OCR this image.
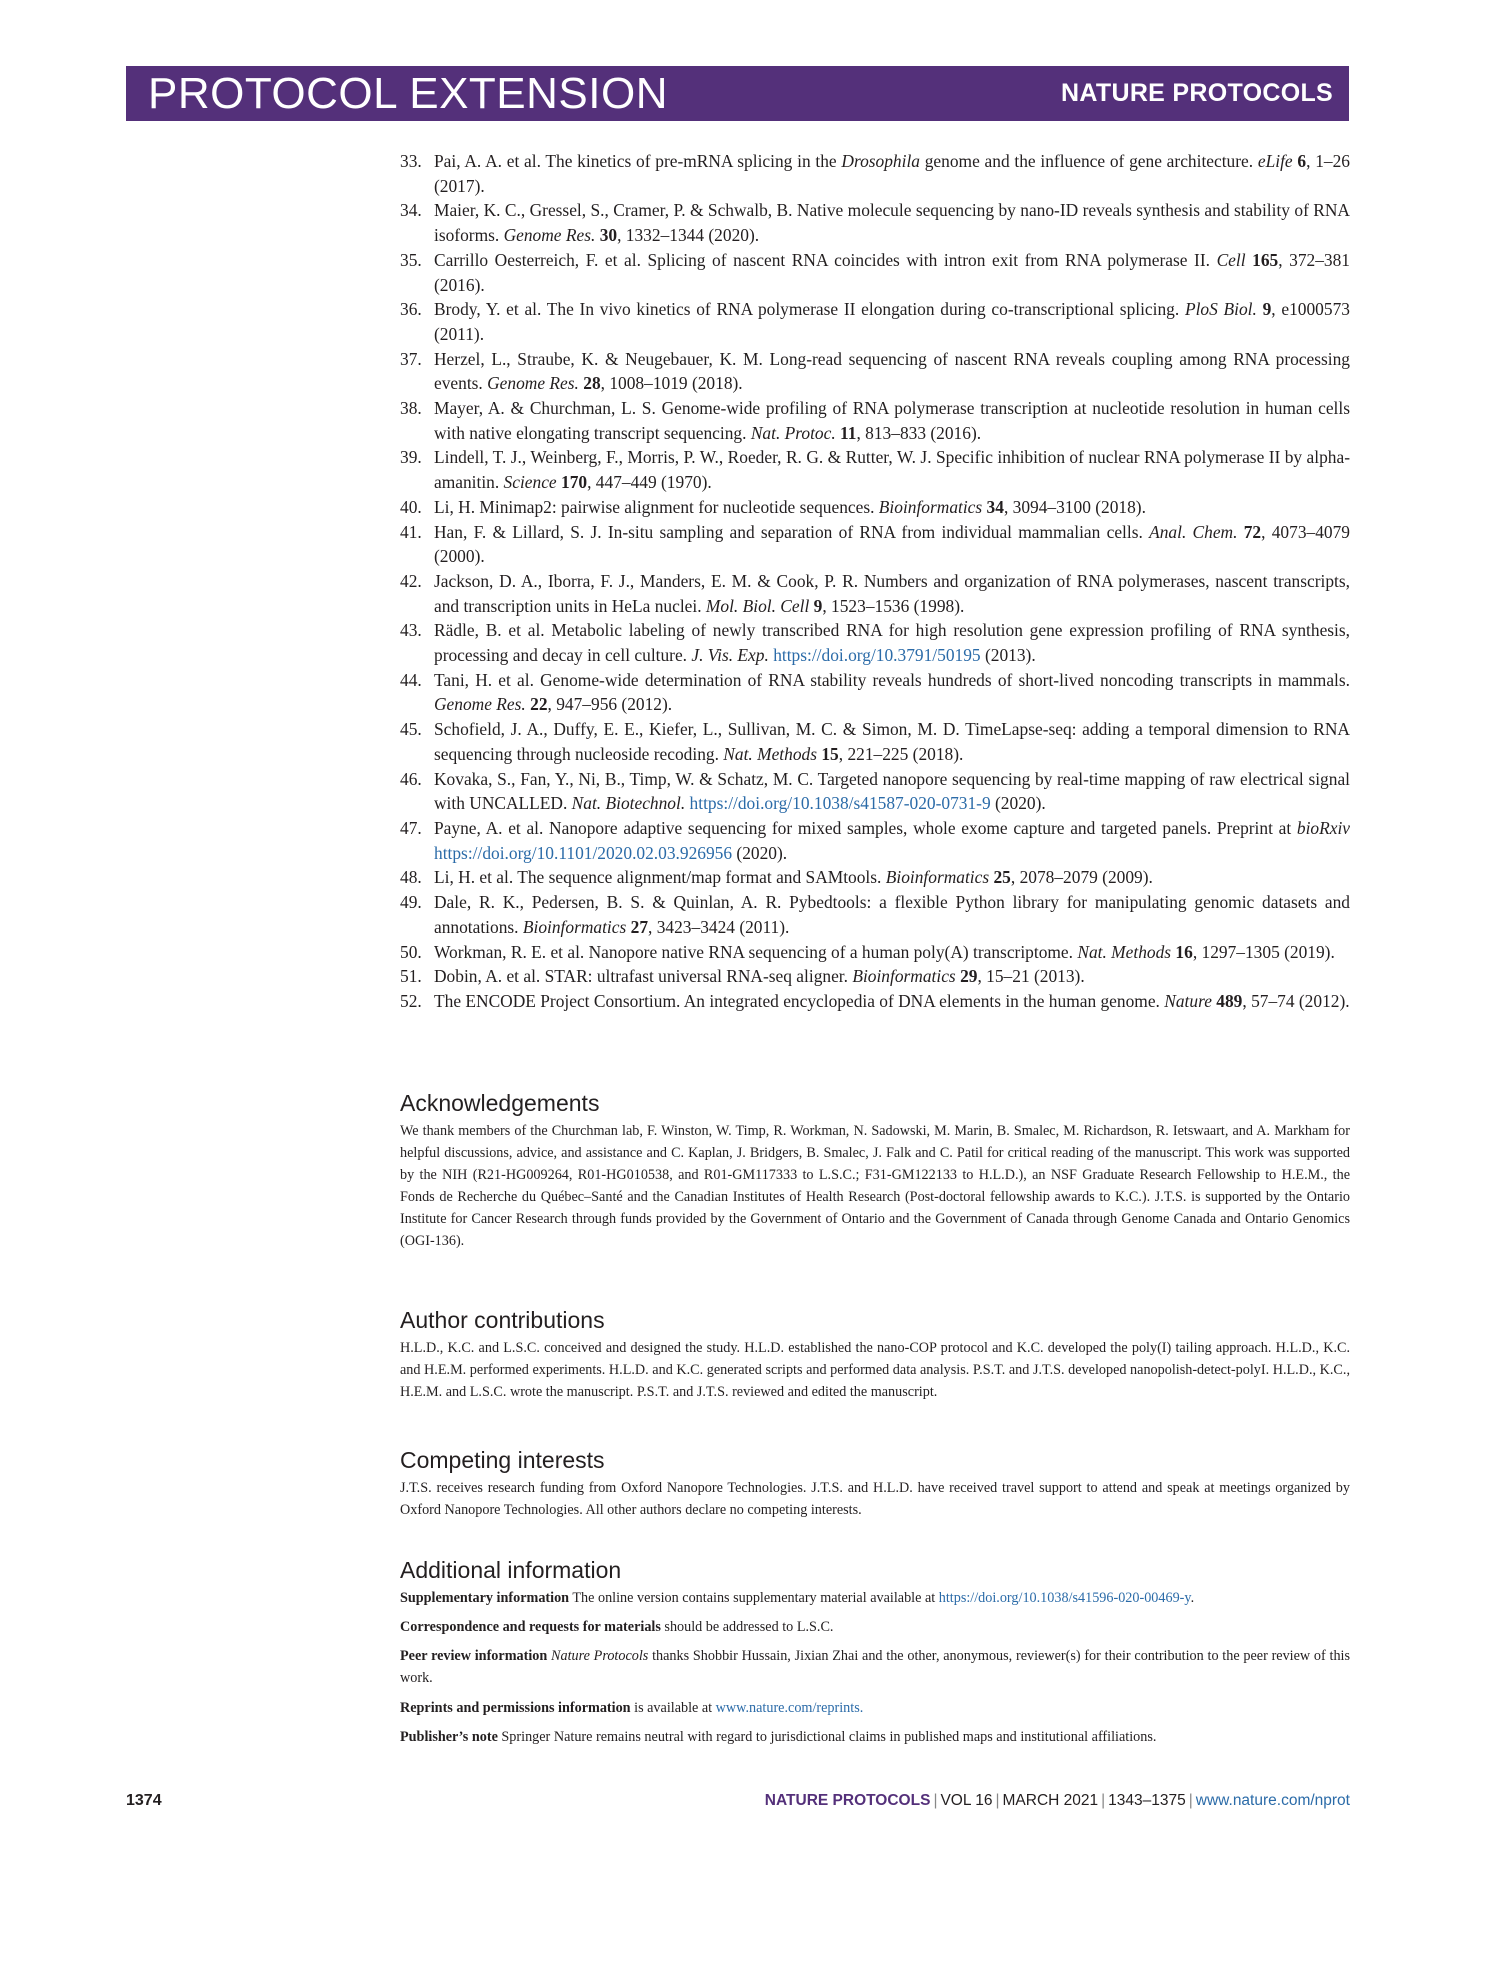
PROTOCOL EXTENSION	NATURE PROTOCOLS
33. Pai, A. A. et al. The kinetics of pre-mRNA splicing in the Drosophila genome and the influence of gene architecture. eLife 6, 1–26 (2017).
34. Maier, K. C., Gressel, S., Cramer, P. & Schwalb, B. Native molecule sequencing by nano-ID reveals synthesis and stability of RNA isoforms. Genome Res. 30, 1332–1344 (2020).
35. Carrillo Oesterreich, F. et al. Splicing of nascent RNA coincides with intron exit from RNA polymerase II. Cell 165, 372–381 (2016).
36. Brody, Y. et al. The In vivo kinetics of RNA polymerase II elongation during co-transcriptional splicing. PloS Biol. 9, e1000573 (2011).
37. Herzel, L., Straube, K. & Neugebauer, K. M. Long-read sequencing of nascent RNA reveals coupling among RNA processing events. Genome Res. 28, 1008–1019 (2018).
38. Mayer, A. & Churchman, L. S. Genome-wide profiling of RNA polymerase transcription at nucleotide resolution in human cells with native elongating transcript sequencing. Nat. Protoc. 11, 813–833 (2016).
39. Lindell, T. J., Weinberg, F., Morris, P. W., Roeder, R. G. & Rutter, W. J. Specific inhibition of nuclear RNA polymerase II by alpha-amanitin. Science 170, 447–449 (1970).
40. Li, H. Minimap2: pairwise alignment for nucleotide sequences. Bioinformatics 34, 3094–3100 (2018).
41. Han, F. & Lillard, S. J. In-situ sampling and separation of RNA from individual mammalian cells. Anal. Chem. 72, 4073–4079 (2000).
42. Jackson, D. A., Iborra, F. J., Manders, E. M. & Cook, P. R. Numbers and organization of RNA polymerases, nascent transcripts, and transcription units in HeLa nuclei. Mol. Biol. Cell 9, 1523–1536 (1998).
43. Rädle, B. et al. Metabolic labeling of newly transcribed RNA for high resolution gene expression profiling of RNA synthesis, processing and decay in cell culture. J. Vis. Exp. https://doi.org/10.3791/50195 (2013).
44. Tani, H. et al. Genome-wide determination of RNA stability reveals hundreds of short-lived noncoding transcripts in mammals. Genome Res. 22, 947–956 (2012).
45. Schofield, J. A., Duffy, E. E., Kiefer, L., Sullivan, M. C. & Simon, M. D. TimeLapse-seq: adding a temporal dimension to RNA sequencing through nucleoside recoding. Nat. Methods 15, 221–225 (2018).
46. Kovaka, S., Fan, Y., Ni, B., Timp, W. & Schatz, M. C. Targeted nanopore sequencing by real-time mapping of raw electrical signal with UNCALLED. Nat. Biotechnol. https://doi.org/10.1038/s41587-020-0731-9 (2020).
47. Payne, A. et al. Nanopore adaptive sequencing for mixed samples, whole exome capture and targeted panels. Preprint at bioRxiv https://doi.org/10.1101/2020.02.03.926956 (2020).
48. Li, H. et al. The sequence alignment/map format and SAMtools. Bioinformatics 25, 2078–2079 (2009).
49. Dale, R. K., Pedersen, B. S. & Quinlan, A. R. Pybedtools: a flexible Python library for manipulating genomic datasets and annotations. Bioinformatics 27, 3423–3424 (2011).
50. Workman, R. E. et al. Nanopore native RNA sequencing of a human poly(A) transcriptome. Nat. Methods 16, 1297–1305 (2019).
51. Dobin, A. et al. STAR: ultrafast universal RNA-seq aligner. Bioinformatics 29, 15–21 (2013).
52. The ENCODE Project Consortium. An integrated encyclopedia of DNA elements in the human genome. Nature 489, 57–74 (2012).
Acknowledgements

We thank members of the Churchman lab, F. Winston, W. Timp, R. Workman, N. Sadowski, M. Marin, B. Smalec, M. Richardson, R. Ietswaart, and A. Markham for helpful discussions, advice, and assistance and C. Kaplan, J. Bridgers, B. Smalec, J. Falk and C. Patil for critical reading of the manuscript. This work was supported by the NIH (R21-HG009264, R01-HG010538, and R01-GM117333 to L.S.C.; F31-GM122133 to H.L.D.), an NSF Graduate Research Fellowship to H.E.M., the Fonds de Recherche du Québec–Santé and the Canadian Institutes of Health Research (Post-doctoral fellowship awards to K.C.). J.T.S. is supported by the Ontario Institute for Cancer Research through funds provided by the Government of Ontario and the Government of Canada through Genome Canada and Ontario Genomics (OGI-136).

Author contributions

H.L.D., K.C. and L.S.C. conceived and designed the study. H.L.D. established the nano-COP protocol and K.C. developed the poly(I) tailing approach. H.L.D., K.C. and H.E.M. performed experiments. H.L.D. and K.C. generated scripts and performed data analysis. P.S.T. and J.T.S. developed nanopolish-detect-polyI. H.L.D., K.C., H.E.M. and L.S.C. wrote the manuscript. P.S.T. and J.T.S. reviewed and edited the manuscript.

Competing interests

J.T.S. receives research funding from Oxford Nanopore Technologies. J.T.S. and H.L.D. have received travel support to attend and speak at meetings organized by Oxford Nanopore Technologies. All other authors declare no competing interests.

Additional information

Supplementary information The online version contains supplementary material available at https://doi.org/10.1038/s41596-020-00469-y.

Correspondence and requests for materials should be addressed to L.S.C.

Peer review information Nature Protocols thanks Shobbir Hussain, Jixian Zhai and the other, anonymous, reviewer(s) for their contribution to the peer review of this work.

Reprints and permissions information is available at www.nature.com/reprints.

Publisher’s note Springer Nature remains neutral with regard to jurisdictional claims in published maps and institutional affiliations.

1374	NATURE PROTOCOLS | VOL 16 | MARCH 2021 | 1343–1375 | www.nature.com/nprot
